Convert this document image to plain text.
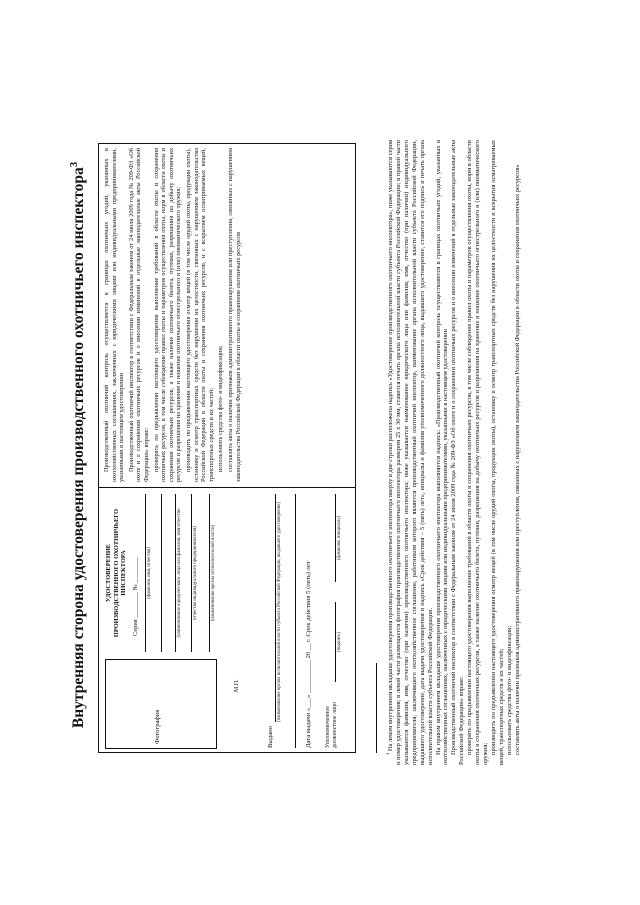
Внутренняя сторона удостоверения производственного охотничьего инспектора$^3$
Фотография
УДОСТОВЕРЕНИЕ ПРОИЗВОДСТВЕННОГО ОХОТНИЧЬЕГО ИНСПЕКТОРА
Серия ________ № ________ (фамилия, имя, отчество)	(наименование юридического лица или фамилия, имя отчество отчество индивидуального предпринимателя)	(наименование органа исполнительной власти)
М.П.
Выдано
(наименование органа исполнительной власти субъекта Российской Федерации, выдавшего удостоверение)	Дата выдачи «___» __________ 20 __ г. Срок действия 5 (пять) лет Уполномоченное должностное лицо
(подпись)
(фамилия, инициалы)

Производственный охотничий контроль осуществляется в границах охотничьих угодий, указанных в охотхозяйственных соглашениях, заключенных с юридическими лицами или индивидуальными предпринимателями, указанными в настоящем удостоверении Производственный охотничий инспектор в соответствии с Федеральным законом от 24 июля 2009 года № 209-ФЗ «Об охоте и о сохранении охотничьих ресурсов и о внесении изменений в отдельные законодательные акты Российской Федерации» вправе: проверять по предъявлении настоящего удостоверения выполнение требований в области охоты и сохранения охотничьих ресурсов, в том числе соблюдение правил охоты и параметров осуществления охоты, норм в области охоты и сохранения охотничьих ресурсов, а также наличие охотничьего билета, путевки, разрешения на добычу охотничьих ресурсов и разрешения на хранение и ношение охотничьего огнестрельного и (или) пневматического оружия; производить по предъявлении настоящего удостоверения осмотр вещей (в том числе орудий охоты, продукции охоты), остановку и осмотр транспортных средств без нарушения их целостности, связанных с нарушением законодательства Российской Федерации в области охоты и сохранения охотничьих ресурсов, и с вскрытием осматриваемых вещей, транспортных средств и их частей; использовать средства фото- и видеофиксации; составлять акты о наличии признаков административного правонарушения или преступления, связанных с нарушением законодательства Российской Федерации в области охоты и сохранения охотничьих ресурсов

$^3$ На левом внутреннем вкладыше удостоверения производственного охотничьего инспектора вверху в две строки расположена надпись «Удостоверение производственного охотничьего инспектора», ниже указываются серия и номер удостоверения; в левой части размещается фотография производственного охотничьего инспектора размером 25 x 30 мм, ставится печать органа исполнительной власти субъекта Российской Федерации; в правой части указываются фамилия, имя, отчество (при наличии) производственного охотничьего инспектора; ниже указывается наименование юридического лица или фамилия, имя, отчество (при наличии) индивидуального предпринимателя, заключившего охотхозяйственное соглашение, работником которого является производственный охотничий инспектор, наименование органа исполнительной власти субъекта Российской Федерации, выдавшего удостоверение, дата выдачи удостоверения и надпись «Срок действия – 5 (пять) лет», инициалы и фамилия уполномоченного должностного лица, выдавшего удостоверение, ставится его подпись и печать органа исполнительной власти субъекта Российской Федерации. На правом внутреннем вкладыше удостоверения производственного охотничьего инспектора выполняется надпись: «Производственный охотничий контроль осуществляется в границах охотничьих угодий, указанных в охотхозяйственных соглашениях, заключенных с юридическими лицами или индивидуальными предпринимателями, указанными в настоящем удостоверении Производственный охотничий инспектор в соответствии с Федеральным законом от 24 июля 2009 года № 209-ФЗ «Об охоте и о сохранении охотничьих ресурсов и о внесении изменений в отдельные законодательные акты Российской Федерации» вправе: проверять по предъявлении настоящего удостоверения выполнение требований в области охоты и сохранения охотничьих ресурсов, в том числе соблюдение правил охоты и параметров осуществления охоты, норм в области охоты и сохранения охотничьих ресурсов, а также наличие охотничьего билета, путевки, разрешения на добычу охотничьих ресурсов и разрешения на хранение и ношение охотничьего огнестрельного и (или) пневматического оружия; производить по предъявлении настоящего удостоверения осмотр вещей (в том числе орудий охоты, продукции охоты), остановку и осмотр транспортных средств без нарушения их целостности и вскрытия осматриваемых вещей, транспортных средств и их частей; использовать средства фото- и видеофиксации; составлять акты о наличии признаков административного правонарушения или преступления, связанных с нарушением законодательства Российской Федерации в области охоты и сохранения охотничьих ресурсов»
